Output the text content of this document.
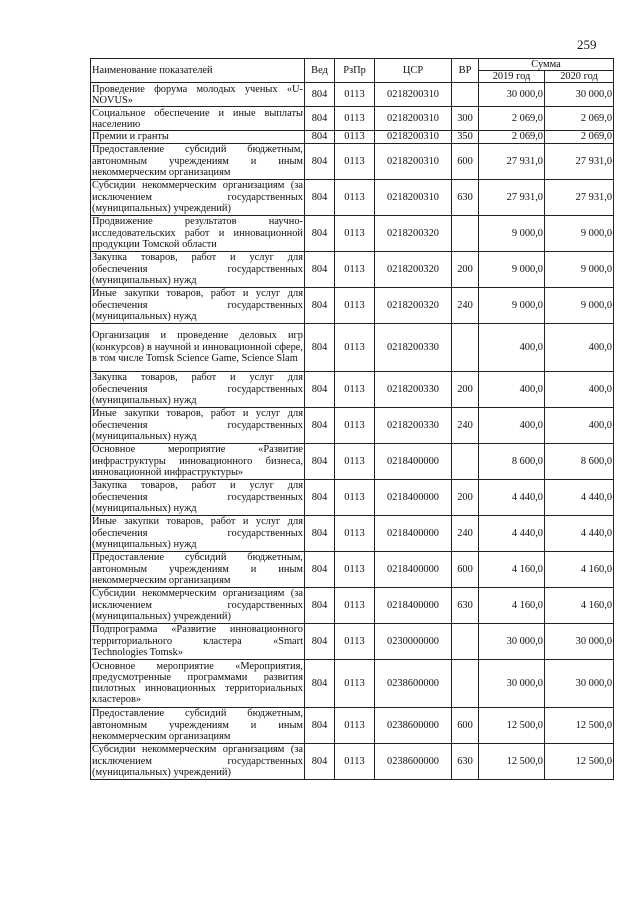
259
Наименование показателей	Вед	РзПр	ЦСР	ВР	Сумма	
					2019 год	2020 год
Проведение форума молодых ученых «U-NOVUS»	804	0113	0218200310		30 000,0	30 000,0
Социальное обеспечение и иные выплаты населению	804	0113	0218200310	300	2 069,0	2 069,0
Премии и гранты	804	0113	0218200310	350	2 069,0	2 069,0
Предоставление субсидий бюджетным, автономным учреждениям и иным некоммерческим организациям	804	0113	0218200310	600	27 931,0	27 931,0
Субсидии некоммерческим организациям (за исключением государственных (муниципальных) учреждений)	804	0113	0218200310	630	27 931,0	27 931,0
Продвижение результатов научно-исследовательских работ и инновационной продукции Томской области	804	0113	0218200320		9 000,0	9 000,0
Закупка товаров, работ и услуг для обеспечения государственных (муниципальных) нужд	804	0113	0218200320	200	9 000,0	9 000,0
Иные закупки товаров, работ и услуг для обеспечения государственных (муниципальных) нужд	804	0113	0218200320	240	9 000,0	9 000,0
Организация и проведение деловых игр (конкурсов) в научной и инновационной сфере, в том числе Tomsk Science Game, Science Slam	804	0113	0218200330		400,0	400,0
Закупка товаров, работ и услуг для обеспечения государственных (муниципальных) нужд	804	0113	0218200330	200	400,0	400,0
Иные закупки товаров, работ и услуг для обеспечения государственных (муниципальных) нужд	804	0113	0218200330	240	400,0	400,0
Основное мероприятие «Развитие инфраструктуры инновационного бизнеса, инновационной инфраструктуры»	804	0113	0218400000		8 600,0	8 600,0
Закупка товаров, работ и услуг для обеспечения государственных (муниципальных) нужд	804	0113	0218400000	200	4 440,0	4 440,0
Иные закупки товаров, работ и услуг для обеспечения государственных (муниципальных) нужд	804	0113	0218400000	240	4 440,0	4 440,0
Предоставление субсидий бюджетным, автономным учреждениям и иным некоммерческим организациям	804	0113	0218400000	600	4 160,0	4 160,0
Субсидии некоммерческим организациям (за исключением государственных (муниципальных) учреждений)	804	0113	0218400000	630	4 160,0	4 160,0
Подпрограмма «Развитие инновационного территориального кластера «Smart Technologies Tomsk»	804	0113	0230000000		30 000,0	30 000,0
Основное мероприятие «Мероприятия, предусмотренные программами развития пилотных инновационных территориальных кластеров»	804	0113	0238600000		30 000,0	30 000,0
Предоставление субсидий бюджетным, автономным учреждениям и иным некоммерческим организациям	804	0113	0238600000	600	12 500,0	12 500,0
Субсидии некоммерческим организациям (за исключением государственных (муниципальных) учреждений)	804	0113	0238600000	630	12 500,0	12 500,0
